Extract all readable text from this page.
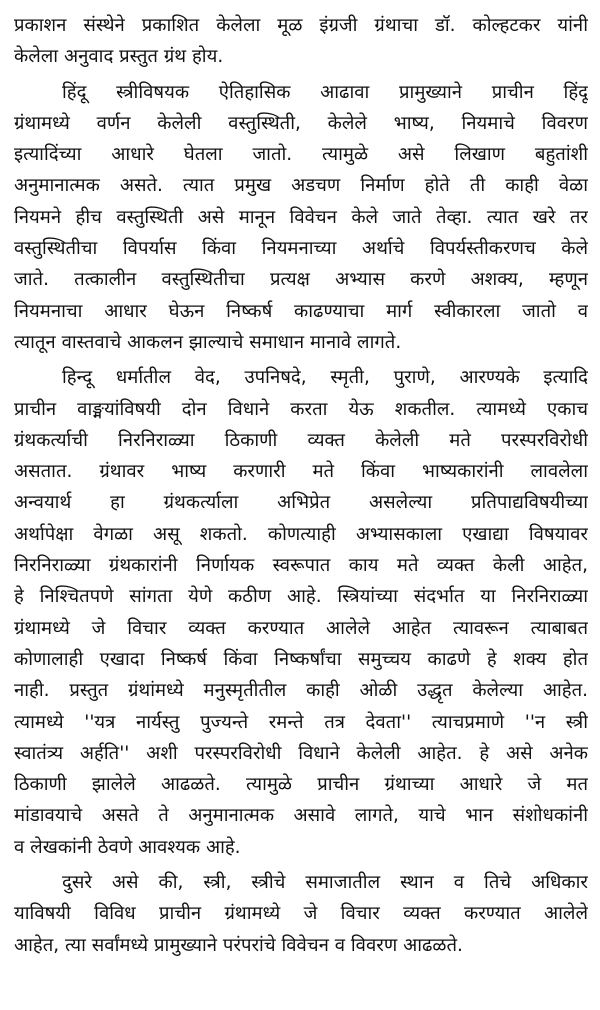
प्रकाशन संस्थेने प्रकाशित केलेला मूळ इंग्रजी ग्रंथाचा डॉ. कोल्हटकर यांनी
केलेला अनुवाद प्रस्तुत ग्रंथ होय.
हिंदू स्त्रीविषयक ऐतिहासिक आढावा प्रामुख्याने प्राचीन हिंदू
ग्रंथामध्ये वर्णन केलेली वस्तुस्थिती, केलेले भाष्य, नियमाचे विवरण
इत्यादिंच्या आधारे घेतला जातो. त्यामुळे असे लिखाण बहुतांशी
अनुमानात्मक असते. त्यात प्रमुख अडचण निर्माण होते ती काही वेळा
नियमने हीच वस्तुस्थिती असे मानून विवेचन केले जाते तेव्हा. त्यात खरे तर
वस्तुस्थितीचा विपर्यास किंवा नियमनाच्या अर्थाचे विपर्यस्तीकरणच केले
जाते. तत्कालीन वस्तुस्थितीचा प्रत्यक्ष अभ्यास करणे अशक्य, म्हणून
नियमनाचा आधार घेऊन निष्कर्ष काढण्याचा मार्ग स्वीकारला जातो व
त्यातून वास्तवाचे आकलन झाल्याचे समाधान मानावे लागते.
हिन्दू धर्मातील वेद, उपनिषदे, स्मृती, पुराणे, आरण्यके इत्यादि
प्राचीन वाङ्मयांविषयी दोन विधाने करता येऊ शकतील. त्यामध्ये एकाच
ग्रंथकर्त्याची निरनिराळ्या ठिकाणी व्यक्त केलेली मते परस्परविरोधी
असतात. ग्रंथावर भाष्य करणारी मते किंवा भाष्यकारांनी लावलेला
अन्वयार्थ हा ग्रंथकर्त्याला अभिप्रेत असलेल्या प्रतिपाद्यविषयीच्या
अर्थापेक्षा वेगळा असू शकतो. कोणत्याही अभ्यासकाला एखाद्या विषयावर
निरनिराळ्या ग्रंथकारांनी निर्णायक स्वरूपात काय मते व्यक्त केली आहेत,
हे निश्चितपणे सांगता येणे कठीण आहे. स्त्रियांच्या संदर्भात या निरनिराळ्या
ग्रंथामध्ये जे विचार व्यक्त करण्यात आलेले आहेत त्यावरून त्याबाबत
कोणालाही एखादा निष्कर्ष किंवा निष्कर्षांचा समुच्चय काढणे हे शक्य होत
नाही. प्रस्तुत ग्रंथांमध्ये मनुस्मृतीतील काही ओळी उद्धृत केलेल्या आहेत.
त्यामध्ये ''यत्र नार्यस्तु पुज्यन्ते रमन्ते तत्र देवता'' त्याचप्रमाणे ''न स्त्री
स्वातंत्र्य अर्हति'' अशी परस्परविरोधी विधाने केलेली आहेत. हे असे अनेक
ठिकाणी झालेले आढळते. त्यामुळे प्राचीन ग्रंथाच्या आधारे जे मत
मांडावयाचे असते ते अनुमानात्मक असावे लागते, याचे भान संशोधकांनी
व लेखकांनी ठेवणे आवश्यक आहे.
दुसरे असे की, स्त्री, स्त्रीचे समाजातील स्थान व तिचे अधिकार
याविषयी विविध प्राचीन ग्रंथामध्ये जे विचार व्यक्त करण्यात आलेले
आहेत, त्या सर्वांमध्ये प्रामुख्याने परंपरांचे विवेचन व विवरण आढळते.
